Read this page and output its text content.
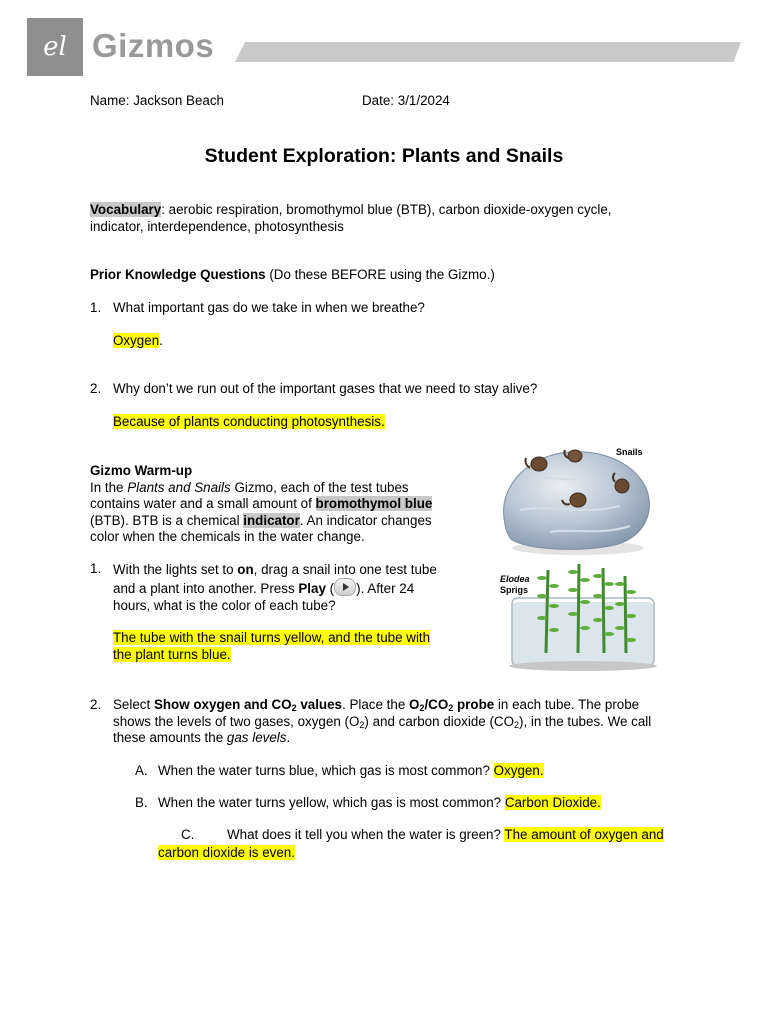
el Gizmos
Name: Jackson Beach	Date: 3/1/2024
Student Exploration: Plants and Snails
Vocabulary: aerobic respiration, bromothymol blue (BTB), carbon dioxide-oxygen cycle,
indicator, interdependence, photosynthesis
Prior Knowledge Questions (Do these BEFORE using the Gizmo.)
1. What important gas do we take in when we breathe?
Oxygen.
2. Why don’t we run out of the important gases that we need to stay alive?
Because of plants conducting photosynthesis.
Gizmo Warm-up
In the Plants and Snails Gizmo, each of the test tubes
contains water and a small amount of bromothymol blue
(BTB). BTB is a chemical indicator. An indicator changes
color when the chemicals in the water change.
1. With the lights set to on, drag a snail into one test tube
and a plant into another. Press Play ( ). After 24
hours, what is the color of each tube?
The tube with the snail turns yellow, and the tube with
the plant turns blue.
2. Select Show oxygen and $CO_2$ values. Place the $O_2/CO_2$ probe in each tube. The probe
shows the levels of two gases, oxygen $(O_2)$ and carbon dioxide $(CO_2)$, in the tubes. We call
these amounts the gas levels.
A. When the water turns blue, which gas is most common? Oxygen.
B. When the water turns yellow, which gas is most common? Carbon Dioxide.
C. What does it tell you when the water is green? The amount of oxygen and
carbon dioxide is even.
Snails
Elodea
Sprigs
